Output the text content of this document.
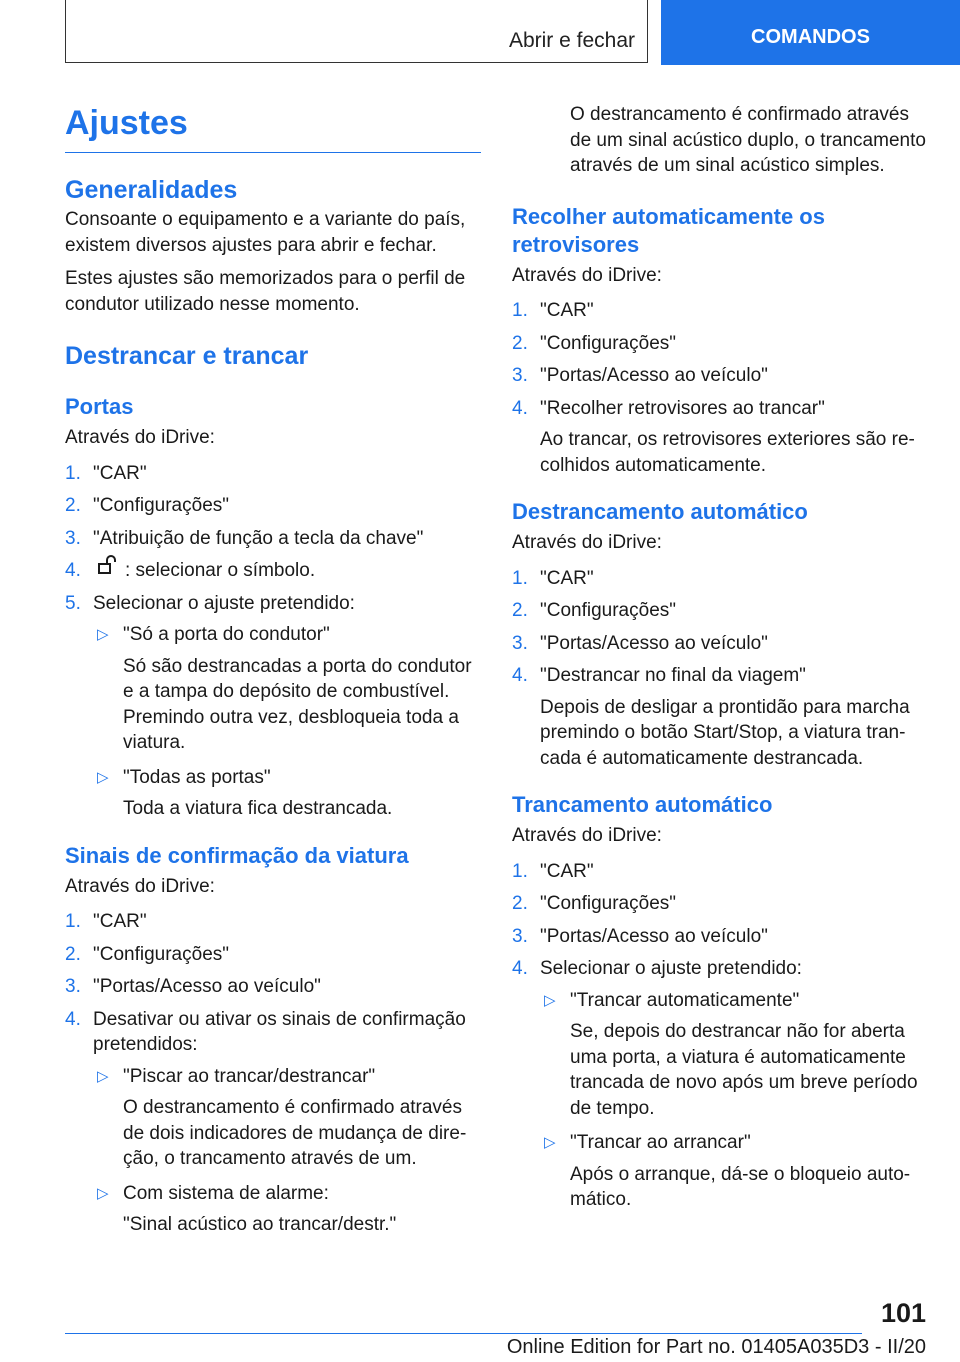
Abrir e fechar	COMANDOS
Ajustes
Generalidades

Consoante o equipamento e a variante do país, existem diversos ajustes para abrir e fechar.

Estes ajustes são memorizados para o perfil de condutor utilizado nesse momento.

Destrancar e trancar
Portas

Através do iDrive:

1. "CAR"
2. "Configurações"
3. "Atribuição de função a tecla da chave"
4. : selecionar o símbolo.
5. Selecionar o ajuste pretendido:
▷ "Só a porta do condutor"
Só são destrancadas a porta do condutor e a tampa do depósito de combustível. Premindo outra vez, desbloqueia toda a viatura.
▷ "Todas as portas"
Toda a viatura fica destrancada.
Sinais de confirmação da viatura

Através do iDrive:

1. "CAR"
2. "Configurações"
3. "Portas/Acesso ao veículo"
4. Desativar ou ativar os sinais de confirmação pretendidos:
▷ "Piscar ao trancar/destrancar"
O destrancamento é confirmado através de dois indicadores de mudança de dire-ção, o trancamento através de um.
▷ Com sistema de alarme:
"Sinal acústico ao trancar/destr."

O destrancamento é confirmado através de um sinal acústico duplo, o trancamento através de um sinal acústico simples.

Recolher automaticamente os retrovisores

Através do iDrive:

1. "CAR"
2. "Configurações"
3. "Portas/Acesso ao veículo"
4. "Recolher retrovisores ao trancar"
Ao trancar, os retrovisores exteriores são re-colhidos automaticamente.
Destrancamento automático

Através do iDrive:

1. "CAR"
2. "Configurações"
3. "Portas/Acesso ao veículo"
4. "Destrancar no final da viagem"
Depois de desligar a prontidão para marcha premindo o botão Start/Stop, a viatura tran-cada é automaticamente destrancada.
Trancamento automático

Através do iDrive:

1. "CAR"
2. "Configurações"
3. "Portas/Acesso ao veículo"
4. Selecionar o ajuste pretendido:
▷ "Trancar automaticamente"
Se, depois do destrancar não for aberta uma porta, a viatura é automaticamente trancada de novo após um breve período de tempo.
▷ "Trancar ao arrancar"
Após o arranque, dá-se o bloqueio auto-mático.
101
Online Edition for Part no. 01405A035D3 - II/20
